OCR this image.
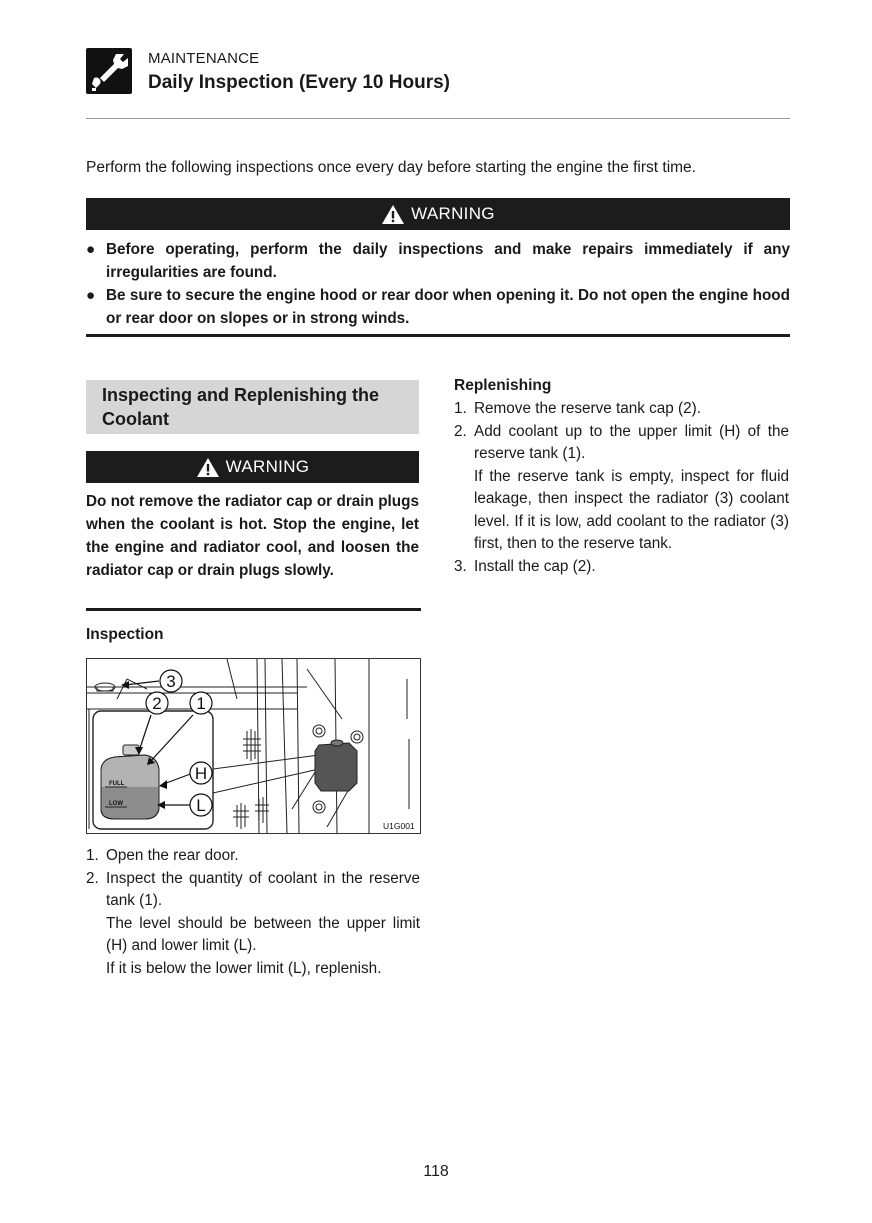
MAINTENANCE
Daily Inspection (Every 10 Hours)
Perform the following inspections once every day before starting the engine the first time.
WARNING
● Before operating, perform the daily inspections and make repairs immediately if any irregularities are found.
● Be sure to secure the engine hood or rear door when opening it. Do not open the engine hood or rear door on slopes or in strong winds.
Inspecting and Replenishing the Coolant
WARNING
Do not remove the radiator cap or drain plugs when the coolant is hot. Stop the engine, let the engine and radiator cool, and loosen the radiator cap or drain plugs slowly.
Inspection
FULL
LOW
3
2 1
H
L
U1G001
1. Open the rear door.
2. Inspect the quantity of coolant in the reserve tank (1).
The level should be between the upper limit (H) and lower limit (L).
If it is below the lower limit (L), replenish.
Replenishing
1. Remove the reserve tank cap (2).
2. Add coolant up to the upper limit (H) of the reserve tank (1).
If the reserve tank is empty, inspect for fluid leakage, then inspect the radiator (3) coolant level. If it is low, add coolant to the radiator (3) first, then to the reserve tank.
3. Install the cap (2).
118
